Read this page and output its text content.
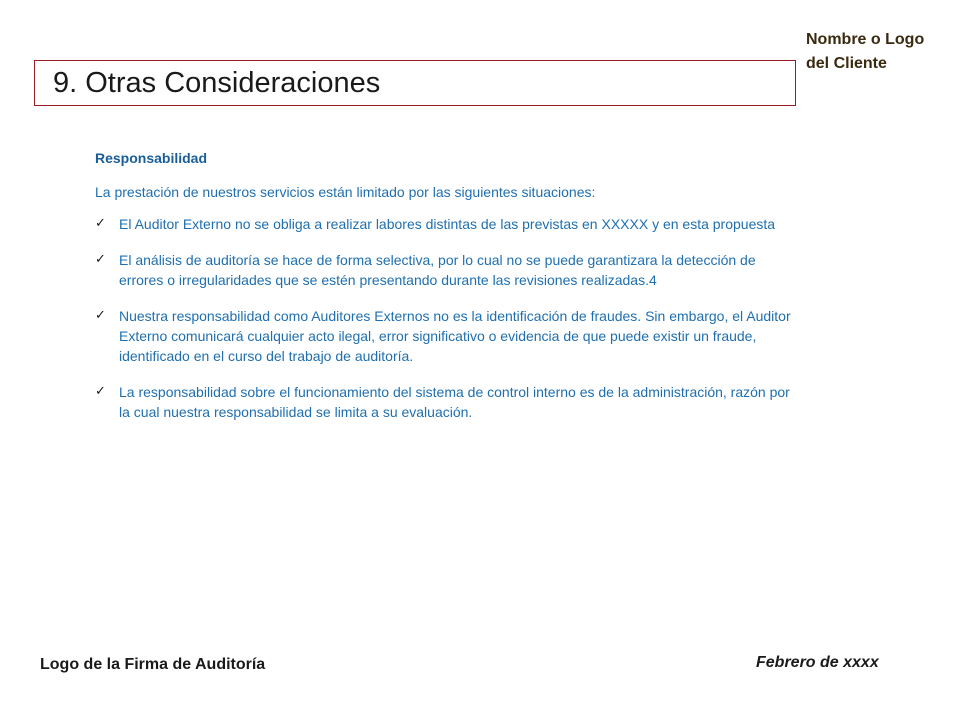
Nombre o Logo
del Cliente
9. Otras Consideraciones
Responsabilidad
La prestación de nuestros servicios están limitado por las siguientes situaciones:
✓ El Auditor Externo no se obliga a realizar labores distintas de las previstas en XXXXX y en esta propuesta
✓ El análisis de auditoría se hace de forma selectiva, por lo cual no se puede garantizara la detección de errores o irregularidades que se estén presentando durante las revisiones realizadas.4
✓ Nuestra responsabilidad como Auditores Externos no es la identificación de fraudes. Sin embargo, el Auditor Externo comunicará cualquier acto ilegal, error significativo o evidencia de que puede existir un fraude, identificado en el curso del trabajo de auditoría.
✓ La responsabilidad sobre el funcionamiento del sistema de control interno es de la administración, razón por la cual nuestra responsabilidad se limita a su evaluación.
Logo de la Firma de Auditoría	Febrero de xxxx
